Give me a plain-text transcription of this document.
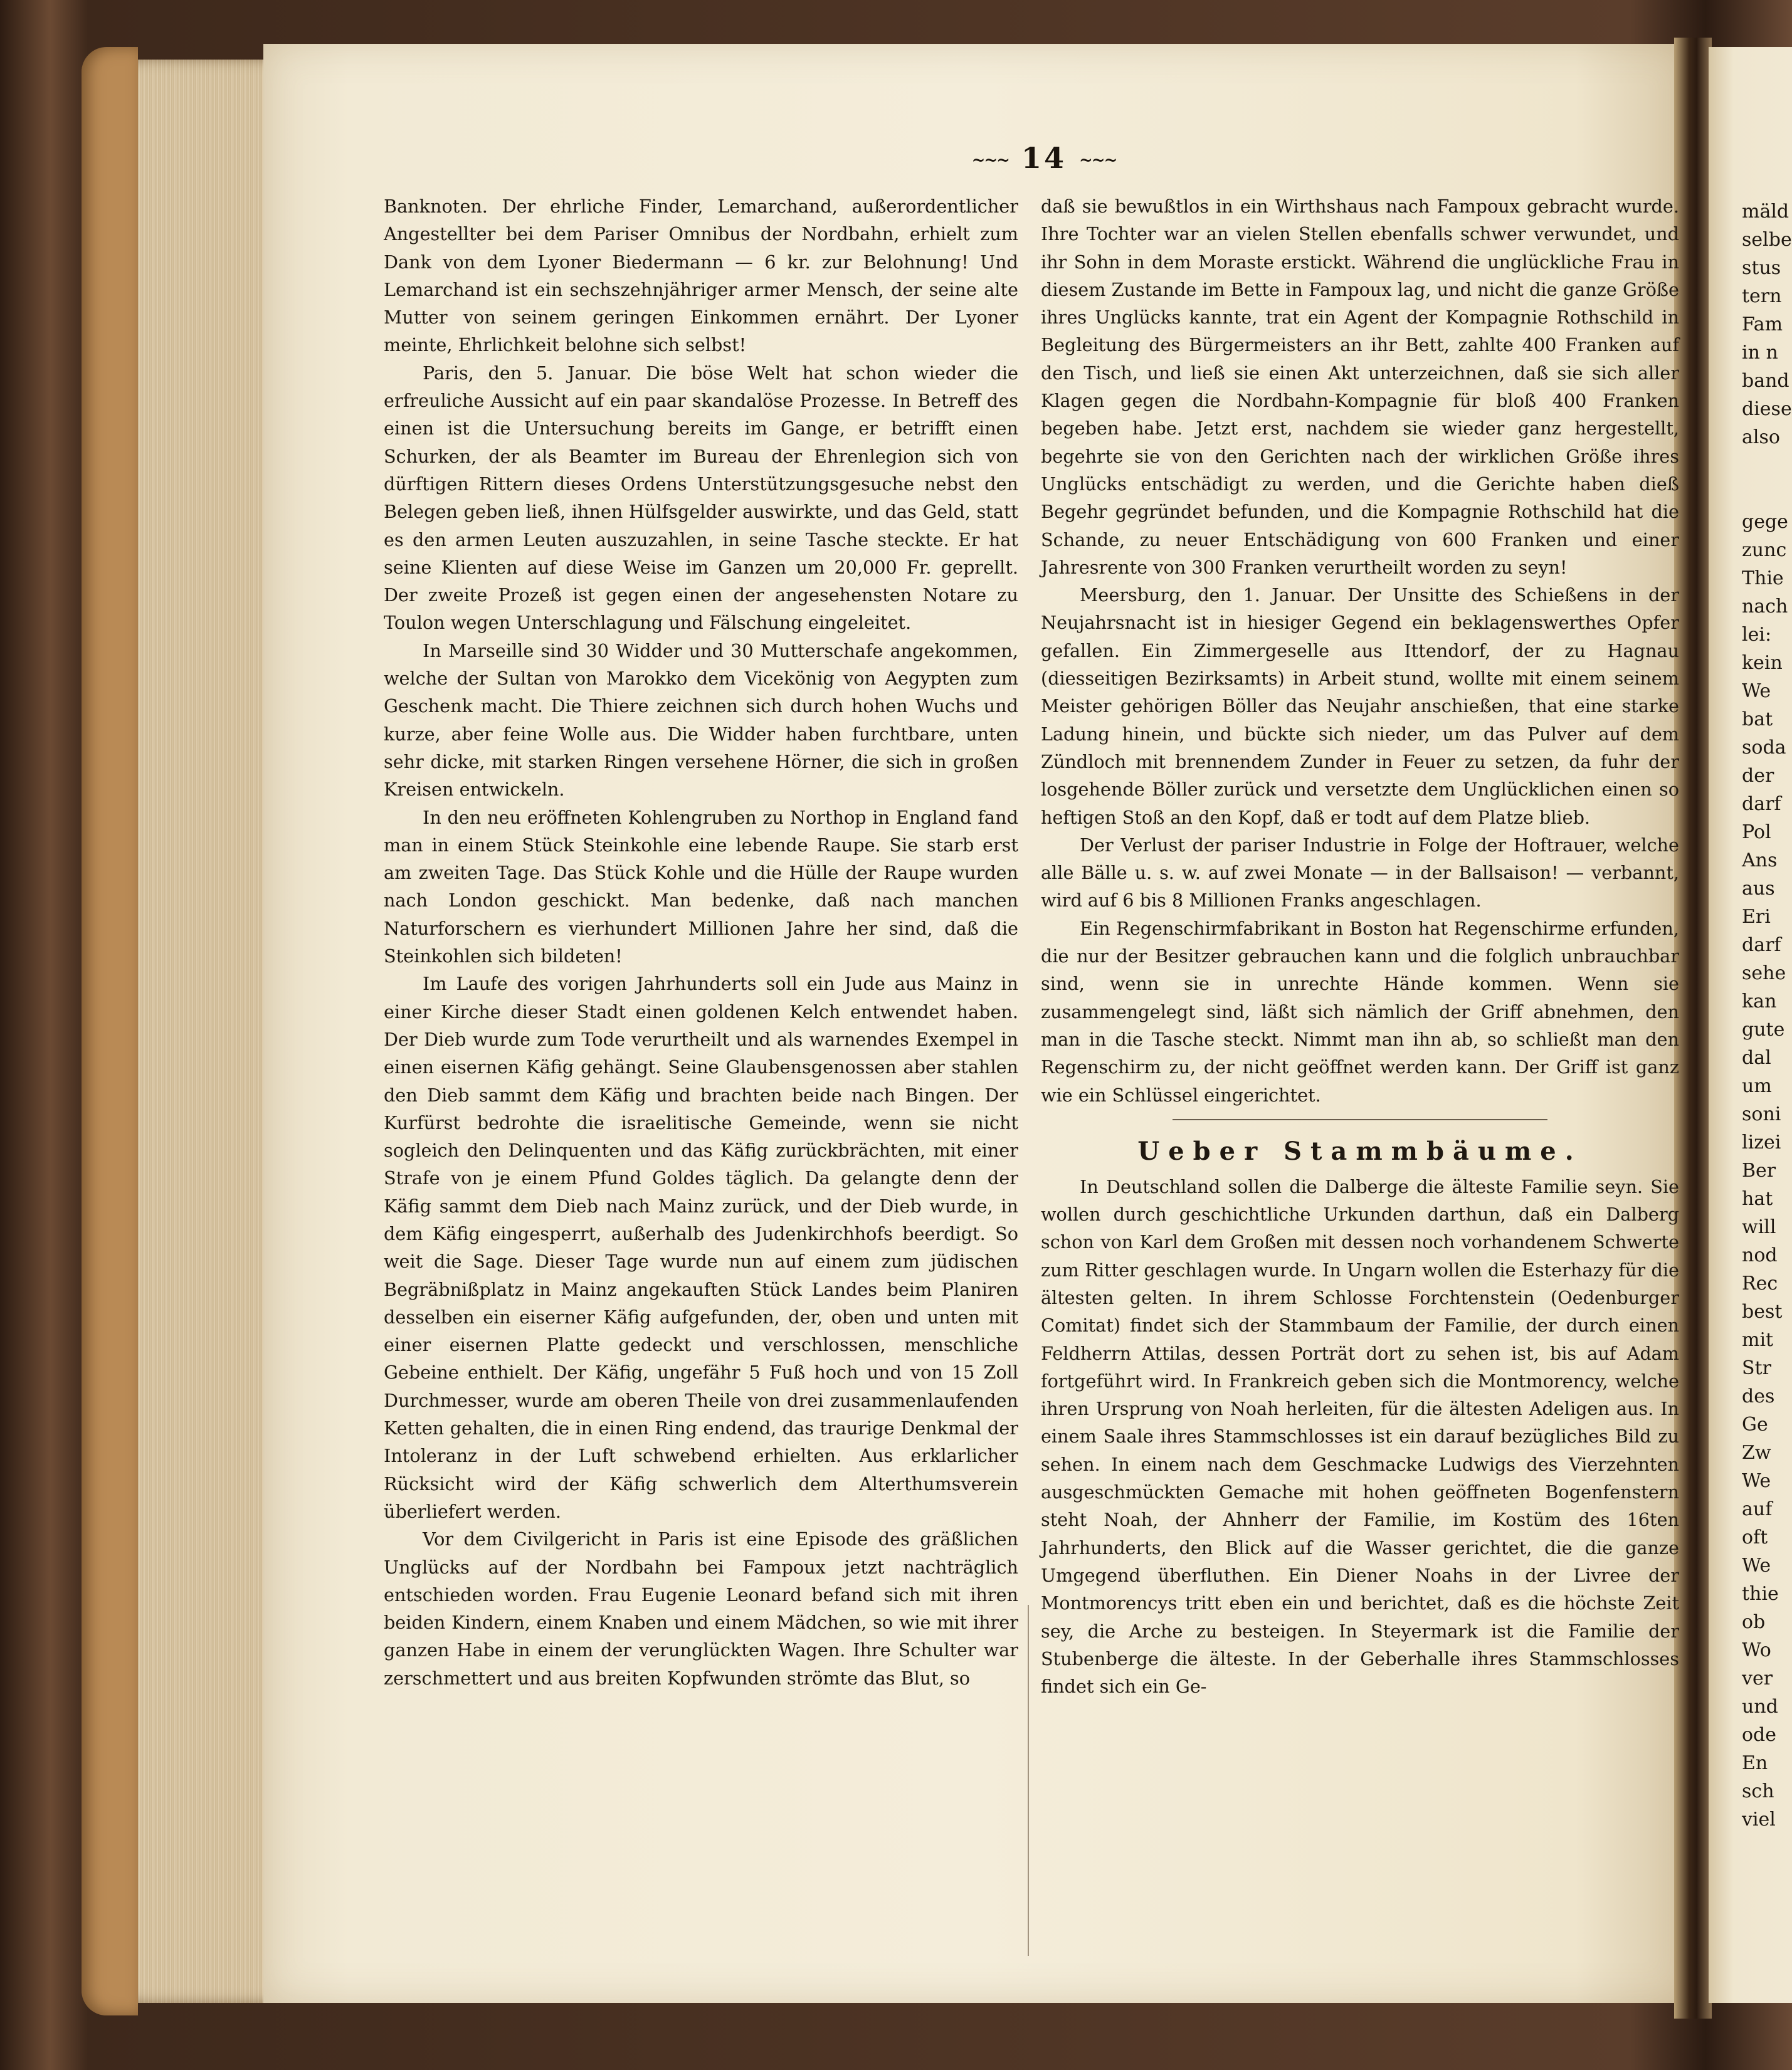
mäld
selbe
stus
tern
Fam
in n
band
diese
also
gege
zunc
Thie
nach
lei:
kein
We
bat
soda
der
darf
Pol
Ans
aus
Eri
darf
sehe
kan
gute
dal
um
soni
lizei
Ber
hat
will
nod
Rec
best
mit
Str
des
Ge
Zw
We
auf
oft
We
thie
ob
Wo
ver
und
ode
En
sch
viel
~~~ 14 ~~~

Banknoten. Der ehrliche Finder, Lemarchand, außerordentlicher Angestellter bei dem Pariser Omnibus der Nordbahn, erhielt zum Dank von dem Lyoner Biedermann — 6 kr. zur Belohnung! Und Lemarchand ist ein sechszehnjähriger armer Mensch, der seine alte Mutter von seinem geringen Einkommen ernährt. Der Lyoner meinte, Ehrlichkeit belohne sich selbst!

Paris, den 5. Januar. Die böse Welt hat schon wieder die erfreuliche Aussicht auf ein paar skandalöse Prozesse. In Betreff des einen ist die Untersuchung bereits im Gange, er betrifft einen Schurken, der als Beamter im Bureau der Ehrenlegion sich von dürftigen Rittern dieses Ordens Unterstützungsgesuche nebst den Belegen geben ließ, ihnen Hülfsgelder auswirkte, und das Geld, statt es den armen Leuten auszuzahlen, in seine Tasche steckte. Er hat seine Klienten auf diese Weise im Ganzen um 20,000 Fr. geprellt. Der zweite Prozeß ist gegen einen der angesehensten Notare zu Toulon wegen Unterschlagung und Fälschung eingeleitet.

In Marseille sind 30 Widder und 30 Mutterschafe angekommen, welche der Sultan von Marokko dem Vicekönig von Aegypten zum Geschenk macht. Die Thiere zeichnen sich durch hohen Wuchs und kurze, aber feine Wolle aus. Die Widder haben furchtbare, unten sehr dicke, mit starken Ringen versehene Hörner, die sich in großen Kreisen entwickeln.

In den neu eröffneten Kohlengruben zu Northop in England fand man in einem Stück Steinkohle eine lebende Raupe. Sie starb erst am zweiten Tage. Das Stück Kohle und die Hülle der Raupe wurden nach London geschickt. Man bedenke, daß nach manchen Naturforschern es vierhundert Millionen Jahre her sind, daß die Steinkohlen sich bildeten!

Im Laufe des vorigen Jahrhunderts soll ein Jude aus Mainz in einer Kirche dieser Stadt einen goldenen Kelch entwendet haben. Der Dieb wurde zum Tode verurtheilt und als warnendes Exempel in einen eisernen Käfig gehängt. Seine Glaubensgenossen aber stahlen den Dieb sammt dem Käfig und brachten beide nach Bingen. Der Kurfürst bedrohte die israelitische Gemeinde, wenn sie nicht sogleich den Delinquenten und das Käfig zurückbrächten, mit einer Strafe von je einem Pfund Goldes täglich. Da gelangte denn der Käfig sammt dem Dieb nach Mainz zurück, und der Dieb wurde, in dem Käfig eingesperrt, außerhalb des Judenkirchhofs beerdigt. So weit die Sage. Dieser Tage wurde nun auf einem zum jüdischen Begräbnißplatz in Mainz angekauften Stück Landes beim Planiren desselben ein eiserner Käfig aufgefunden, der, oben und unten mit einer eisernen Platte gedeckt und verschlossen, menschliche Gebeine enthielt. Der Käfig, ungefähr 5 Fuß hoch und von 15 Zoll Durchmesser, wurde am oberen Theile von drei zusammenlaufenden Ketten gehalten, die in einen Ring endend, das traurige Denkmal der Intoleranz in der Luft schwebend erhielten. Aus erklarlicher Rücksicht wird der Käfig schwerlich dem Alterthumsverein überliefert werden.

Vor dem Civilgericht in Paris ist eine Episode des gräßlichen Unglücks auf der Nordbahn bei Fampoux jetzt nachträglich entschieden worden. Frau Eugenie Leonard befand sich mit ihren beiden Kindern, einem Knaben und einem Mädchen, so wie mit ihrer ganzen Habe in einem der verunglückten Wagen. Ihre Schulter war zerschmettert und aus breiten Kopfwunden strömte das Blut, so

daß sie bewußtlos in ein Wirthshaus nach Fampoux gebracht wurde. Ihre Tochter war an vielen Stellen ebenfalls schwer verwundet, und ihr Sohn in dem Moraste erstickt. Während die unglückliche Frau in diesem Zustande im Bette in Fampoux lag, und nicht die ganze Größe ihres Unglücks kannte, trat ein Agent der Kompagnie Rothschild in Begleitung des Bürgermeisters an ihr Bett, zahlte 400 Franken auf den Tisch, und ließ sie einen Akt unterzeichnen, daß sie sich aller Klagen gegen die Nordbahn-Kompagnie für bloß 400 Franken begeben habe. Jetzt erst, nachdem sie wieder ganz hergestellt, begehrte sie von den Gerichten nach der wirklichen Größe ihres Unglücks entschädigt zu werden, und die Gerichte haben dieß Begehr gegründet befunden, und die Kompagnie Rothschild hat die Schande, zu neuer Entschädigung von 600 Franken und einer Jahresrente von 300 Franken verurtheilt worden zu seyn!

Meersburg, den 1. Januar. Der Unsitte des Schießens in der Neujahrsnacht ist in hiesiger Gegend ein beklagenswerthes Opfer gefallen. Ein Zimmergeselle aus Ittendorf, der zu Hagnau (diesseitigen Bezirksamts) in Arbeit stund, wollte mit einem seinem Meister gehörigen Böller das Neujahr anschießen, that eine starke Ladung hinein, und bückte sich nieder, um das Pulver auf dem Zündloch mit brennendem Zunder in Feuer zu setzen, da fuhr der losgehende Böller zurück und versetzte dem Unglücklichen einen so heftigen Stoß an den Kopf, daß er todt auf dem Platze blieb.

Der Verlust der pariser Industrie in Folge der Hoftrauer, welche alle Bälle u. s. w. auf zwei Monate — in der Ballsaison! — verbannt, wird auf 6 bis 8 Millionen Franks angeschlagen.

Ein Regenschirmfabrikant in Boston hat Regenschirme erfunden, die nur der Besitzer gebrauchen kann und die folglich unbrauchbar sind, wenn sie in unrechte Hände kommen. Wenn sie zusammengelegt sind, läßt sich nämlich der Griff abnehmen, den man in die Tasche steckt. Nimmt man ihn ab, so schließt man den Regenschirm zu, der nicht geöffnet werden kann. Der Griff ist ganz wie ein Schlüssel eingerichtet.

Ueber Stammbäume.

In Deutschland sollen die Dalberge die älteste Familie seyn. Sie wollen durch geschichtliche Urkunden darthun, daß ein Dalberg schon von Karl dem Großen mit dessen noch vorhandenem Schwerte zum Ritter geschlagen wurde. In Ungarn wollen die Esterhazy für die ältesten gelten. In ihrem Schlosse Forchtenstein (Oedenburger Comitat) findet sich der Stammbaum der Familie, der durch einen Feldherrn Attilas, dessen Porträt dort zu sehen ist, bis auf Adam fortgeführt wird. In Frankreich geben sich die Montmorency, welche ihren Ursprung von Noah herleiten, für die ältesten Adeligen aus. In einem Saale ihres Stammschlosses ist ein darauf bezügliches Bild zu sehen. In einem nach dem Geschmacke Ludwigs des Vierzehnten ausgeschmückten Gemache mit hohen geöffneten Bogenfenstern steht Noah, der Ahnherr der Familie, im Kostüm des 16ten Jahrhunderts, den Blick auf die Wasser gerichtet, die die ganze Umgegend überfluthen. Ein Diener Noahs in der Livree der Montmorencys tritt eben ein und berichtet, daß es die höchste Zeit sey, die Arche zu besteigen. In Steyermark ist die Familie der Stubenberge die älteste. In der Geberhalle ihres Stammschlosses findet sich ein Ge-
